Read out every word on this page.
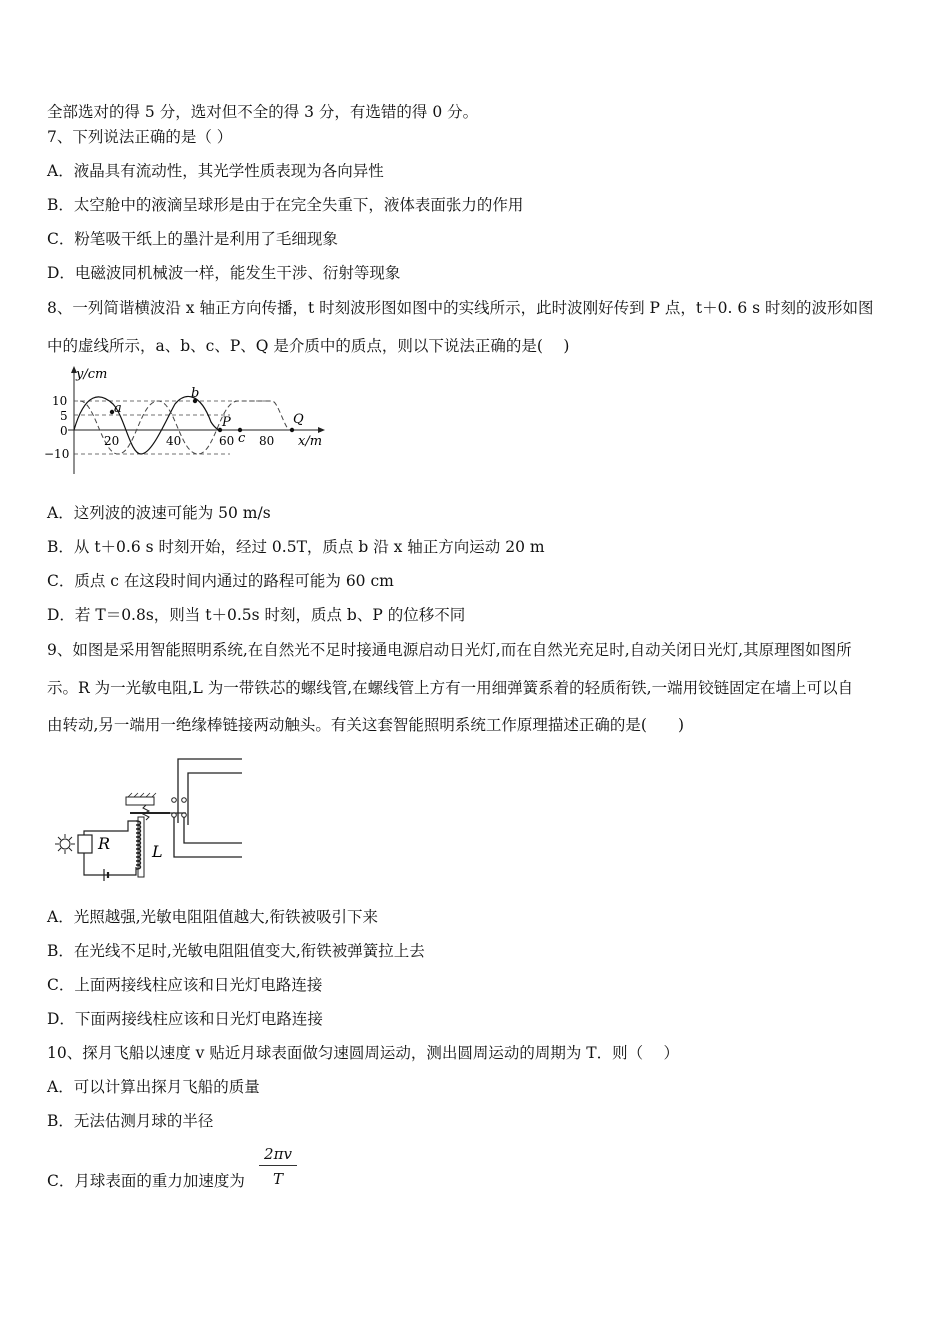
全部选对的得 5 分，选对但不全的得 3 分，有选错的得 0 分。
7、下列说法正确的是（ ）
A．液晶具有流动性，其光学性质表现为各向异性
B．太空舱中的液滴呈球形是由于在完全失重下，液体表面张力的作用
C．粉笔吸干纸上的墨汁是利用了毛细现象
D．电磁波同机械波一样，能发生干涉、衍射等现象
8、一列简谐横波沿 x 轴正方向传播，t 时刻波形图如图中的实线所示，此时波刚好传到 P 点，t＋0. 6 s 时刻的波形如图
中的虚线所示，a、b、c、P、Q 是介质中的质点，则以下说法正确的是(　 )
y/cm
10
5
0
−10
20	40	60 80 x/m
a
b
P
c
Q
A．这列波的波速可能为 50 m/s
B．从 t＋0.6 s 时刻开始，经过 0.5T，质点 b 沿 x 轴正方向运动 20 m
C．质点 c 在这段时间内通过的路程可能为 60 cm
D．若 T＝0.8s，则当 t＋0.5s 时刻，质点 b、P 的位移不同
9、如图是采用智能照明系统,在自然光不足时接通电源启动日光灯,而在自然光充足时,自动关闭日光灯,其原理图如图所
示。R 为一光敏电阻,L 为一带铁芯的螺线管,在螺线管上方有一用细弹簧系着的轻质衔铁,一端用铰链固定在墙上可以自
由转动,另一端用一绝缘棒链接两动触头。有关这套智能照明系统工作原理描述正确的是(　　)
L
R
A．光照越强,光敏电阻阻值越大,衔铁被吸引下来
B．在光线不足时,光敏电阻阻值变大,衔铁被弹簧拉上去
C．上面两接线柱应该和日光灯电路连接
D．下面两接线柱应该和日光灯电路连接
10、探月飞船以速度 v 贴近月球表面做匀速圆周运动，测出圆周运动的周期为 T．则（　 ）
A．可以计算出探月飞船的质量
B．无法估测月球的半径
C．月球表面的重力加速度为
2πv
T
